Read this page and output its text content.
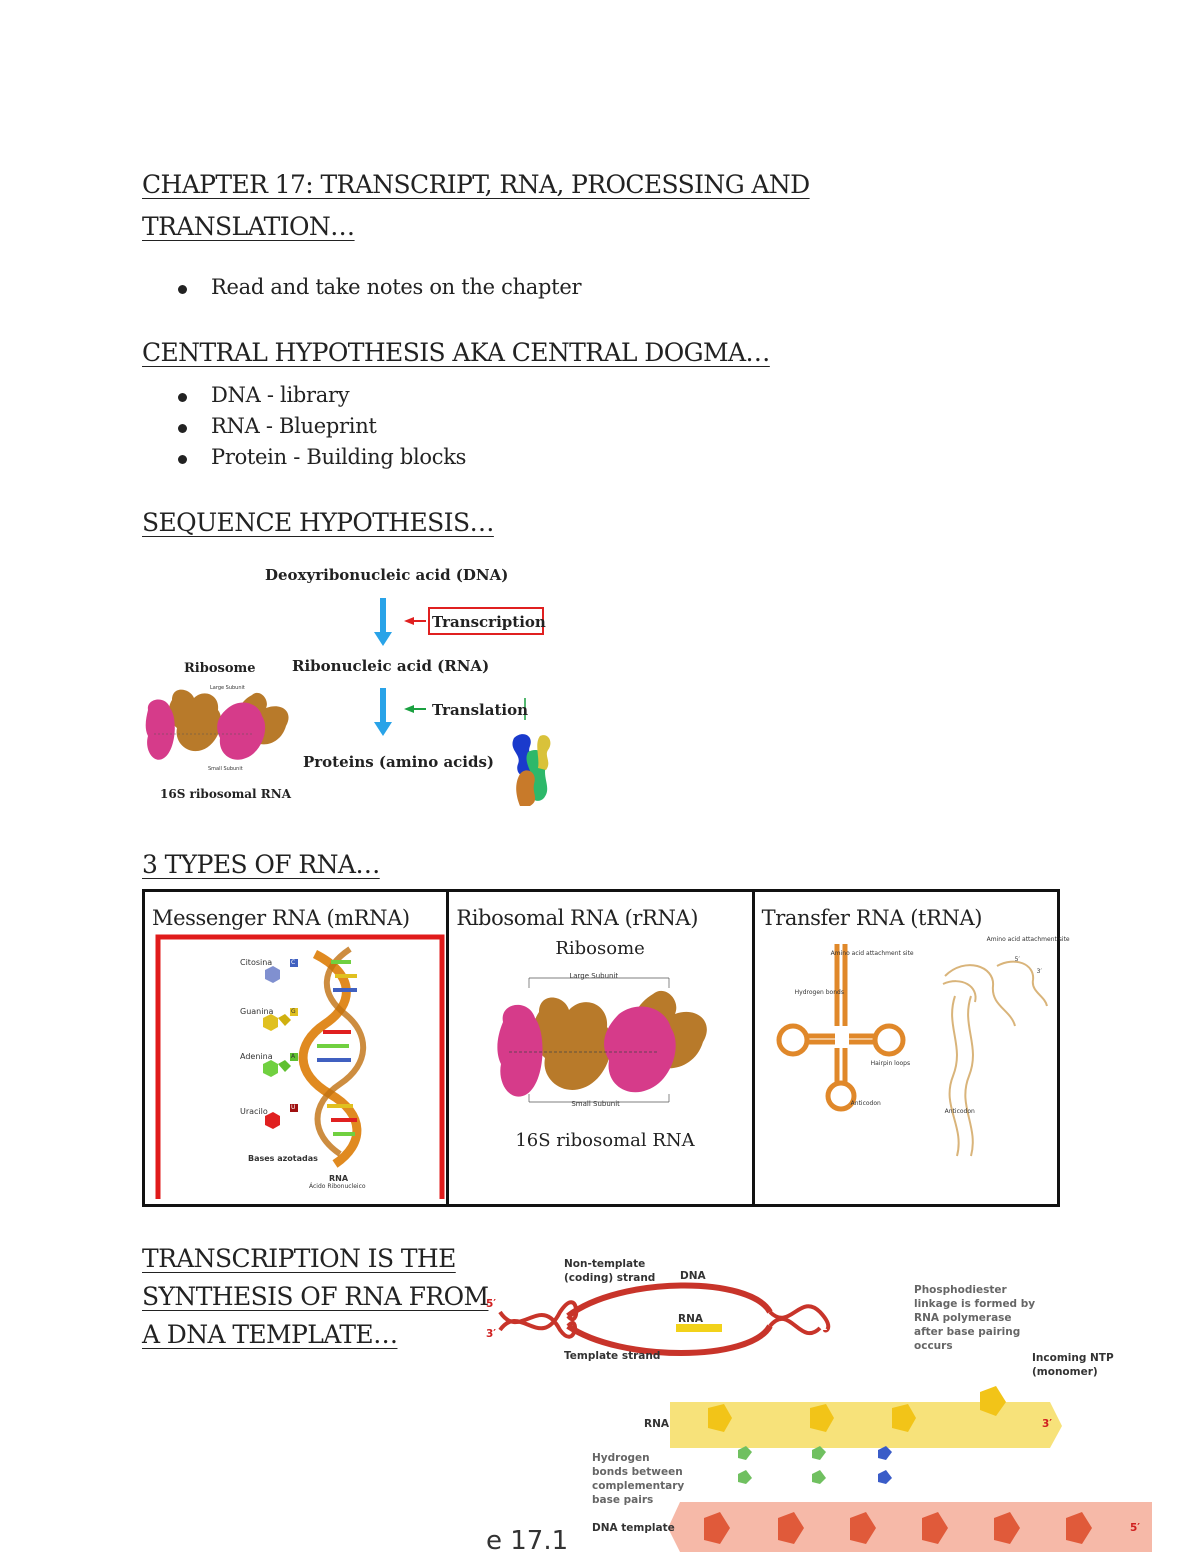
CHAPTER 17: TRANSCRIPT, RNA, PROCESSING AND
TRANSLATION…
Read and take notes on the chapter
CENTRAL HYPOTHESIS AKA CENTRAL DOGMA…
DNA - library
RNA - Blueprint
Protein - Building blocks
SEQUENCE HYPOTHESIS…
Deoxyribonucleic acid (DNA)
Transcription
Ribosome Ribonucleic acid (RNA)
Large Subunit
Translation
Small Subunit	Proteins (amino acids)
16S ribosomal RNA
3 TYPES OF RNA…
Messenger RNA (mRNA)
Citosina
Guanina
Adenina
Uracilo
C
G
A
U
Bases azotadas
RNA
Ácido Ribonucleico
Ribosomal RNA (rRNA)
Ribosome
Large Subunit
Small Subunit
16S ribosomal RNA
Transfer RNA (tRNA)
Amino acid attachment site
Hydrogen bonds
Hairpin loops
Anticodon
Amino acid attachment site
Anticodon
3′
5′
TRANSCRIPTION IS THE
SYNTHESIS OF RNA FROM
A DNA TEMPLATE…
Non-template
(coding) strand DNA
RNA
Template strand
Phosphodiester
linkage is formed by
RNA polymerase
after base pairing
occurs
Incoming NTP
(monomer)
RNA
Hydrogen
bonds between
complementary
base pairs
DNA template
5′
3′
3′
5′
e 17.1
